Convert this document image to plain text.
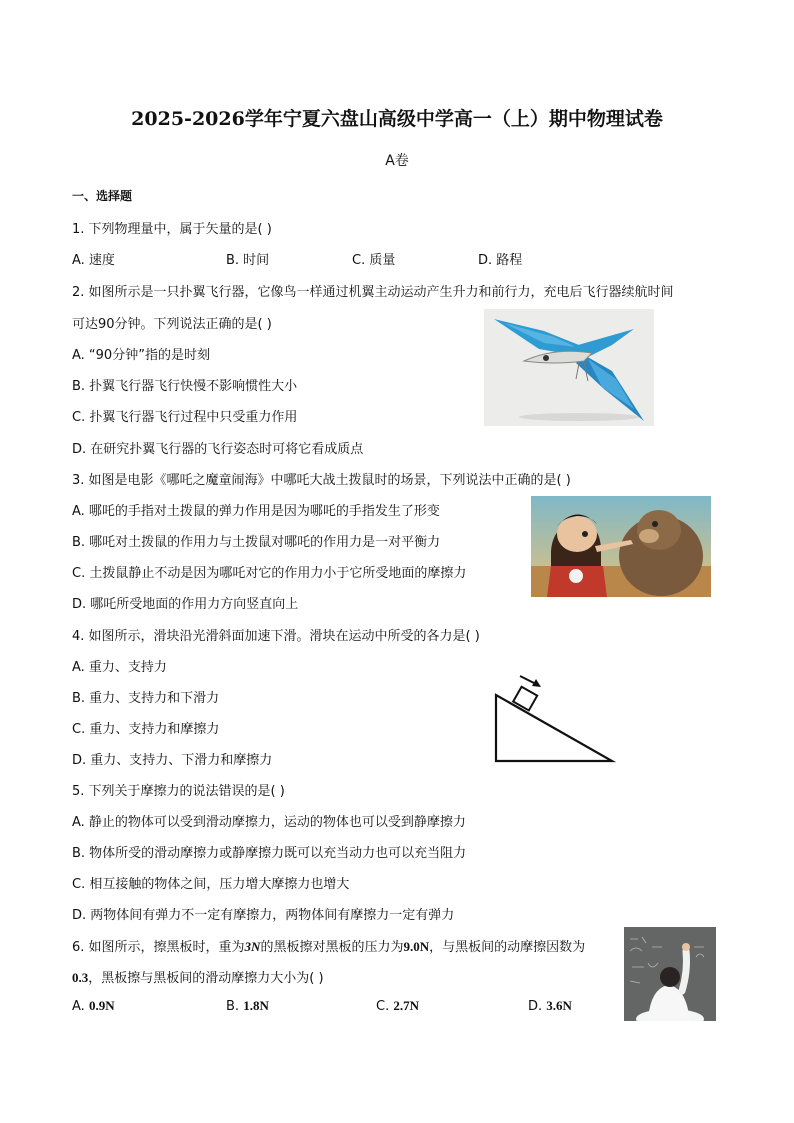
2025-2026学年宁夏六盘山高级中学高一（上）期中物理试卷
A卷
一、选择题
1. 下列物理量中，属于矢量的是( )
A. 速度	B. 时间	C. 质量	D. 路程
2. 如图所示是一只扑翼飞行器，它像鸟一样通过机翼主动运动产生升力和前行力，充电后飞行器续航时间
可达90分钟。下列说法正确的是( )
A. “90分钟”指的是时刻
B. 扑翼飞行器飞行快慢不影响惯性大小
C. 扑翼飞行器飞行过程中只受重力作用
D. 在研究扑翼飞行器的飞行姿态时可将它看成质点
3. 如图是电影《哪吒之魔童闹海》中哪吒大战土拨鼠时的场景，下列说法中正确的是( )
A. 哪吒的手指对土拨鼠的弹力作用是因为哪吒的手指发生了形变
B. 哪吒对土拨鼠的作用力与土拨鼠对哪吒的作用力是一对平衡力
C. 土拨鼠静止不动是因为哪吒对它的作用力小于它所受地面的摩擦力
D. 哪吒所受地面的作用力方向竖直向上
4. 如图所示，滑块沿光滑斜面加速下滑。滑块在运动中所受的各力是( )
A. 重力、支持力
B. 重力、支持力和下滑力
C. 重力、支持力和摩擦力
D. 重力、支持力、下滑力和摩擦力
5. 下列关于摩擦力的说法错误的是( )
A. 静止的物体可以受到滑动摩擦力，运动的物体也可以受到静摩擦力
B. 物体所受的滑动摩擦力或静摩擦力既可以充当动力也可以充当阻力
C. 相互接触的物体之间，压力增大摩擦力也增大
D. 两物体间有弹力不一定有摩擦力，两物体间有摩擦力一定有弹力
6. 如图所示，擦黑板时，重为3N的黑板擦对黑板的压力为9.0N，与黑板间的动摩擦因数为
0.3，黑板擦与黑板间的滑动摩擦力大小为( )
A. 0.9N	B. 1.8N	C. 2.7N	D. 3.6N
